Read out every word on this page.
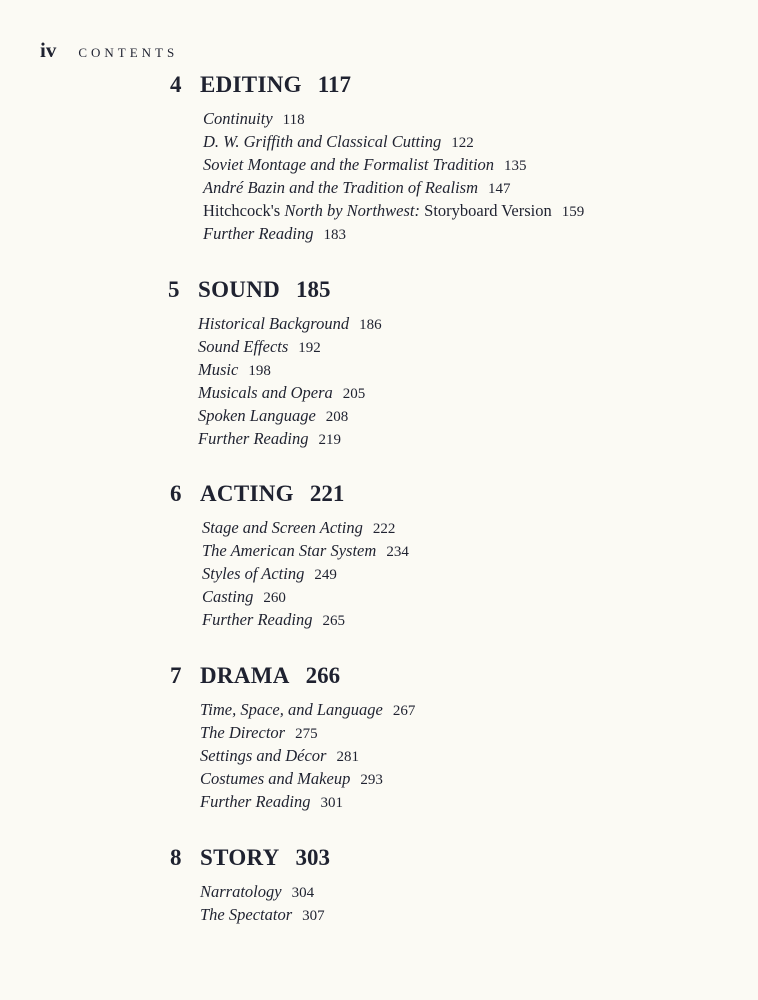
iv CONTENTS
4 EDITING 117
Continuity 118
D. W. Griffith and Classical Cutting 122
Soviet Montage and the Formalist Tradition 135
André Bazin and the Tradition of Realism 147
Hitchcock's North by Northwest: Storyboard Version 159
Further Reading 183
5 SOUND 185
Historical Background 186
Sound Effects 192
Music 198
Musicals and Opera 205
Spoken Language 208
Further Reading 219
6 ACTING 221
Stage and Screen Acting 222
The American Star System 234
Styles of Acting 249
Casting 260
Further Reading 265
7 DRAMA 266
Time, Space, and Language 267
The Director 275
Settings and Décor 281
Costumes and Makeup 293
Further Reading 301
8 STORY 303
Narratology 304
The Spectator 307
